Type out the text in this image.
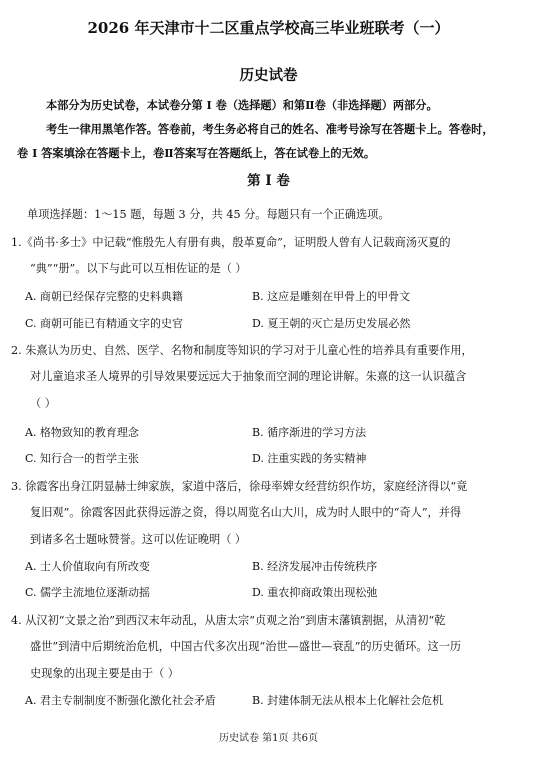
2026 年天津市十二区重点学校高三毕业班联考（一）
历史试卷
本部分为历史试卷，本试卷分第 I 卷（选择题）和第Ⅱ卷（非选择题）两部分。
考生一律用黑笔作答。答卷前，考生务必将自己的姓名、准考号涂写在答题卡上。答卷时，
卷 I 答案填涂在答题卡上，卷Ⅱ答案写在答题纸上，答在试卷上的无效。
第 I 卷
单项选择题：1～15 题，每题 3 分，共 45 分。每题只有一个正确选项。
1.《尚书·多士》中记载“惟殷先人有册有典，殷革夏命”，证明殷人曾有人记载商汤灭夏的
“典”“册”。以下与此可以互相佐证的是（ ）
A. 商朝已经保存完整的史料典籍	B. 这应是雕刻在甲骨上的甲骨文
C. 商朝可能已有精通文字的史官	D. 夏王朝的灭亡是历史发展必然
2. 朱熹认为历史、自然、医学、名物和制度等知识的学习对于儿童心性的培养具有重要作用，
对儿童追求圣人境界的引导效果要远远大于抽象而空洞的理论讲解。朱熹的这一认识蕴含
（ ）
A. 格物致知的教育理念	B. 循序渐进的学习方法
C. 知行合一的哲学主张	D. 注重实践的务实精神
3. 徐霞客出身江阴显赫士绅家族，家道中落后，徐母率婢女经营纺织作坊，家庭经济得以“竟
复旧观”。徐霞客因此获得远游之资，得以周览名山大川，成为时人眼中的“奇人”，并得
到诸多名士题咏赞誉。这可以佐证晚明（ ）
A. 士人价值取向有所改变	B. 经济发展冲击传统秩序
C. 儒学主流地位逐渐动摇	D. 重农抑商政策出现松弛
4. 从汉初“文景之治”到西汉末年动乱，从唐太宗“贞观之治”到唐末藩镇割据，从清初“乾
盛世”到清中后期统治危机，中国古代多次出现“治世—盛世—衰乱”的历史循环。这一历
史现象的出现主要是由于（ ）
A. 君主专制制度不断强化激化社会矛盾	B. 封建体制无法从根本上化解社会危机
历史试卷 第1页 共6页
